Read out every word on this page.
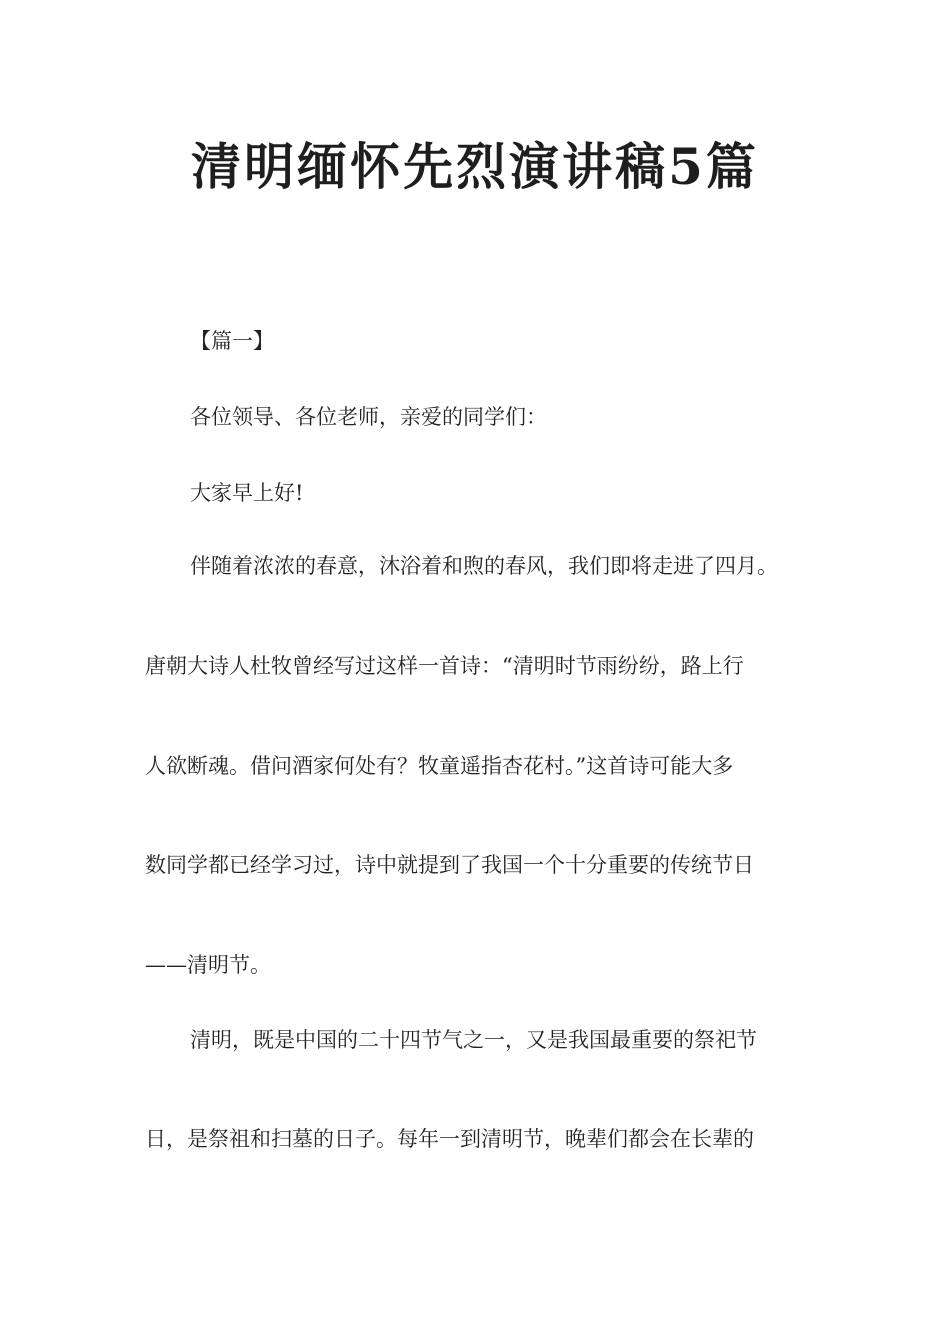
清明缅怀先烈演讲稿5篇
【篇一】
各位领导、各位老师，亲爱的同学们：
大家早上好!
伴随着浓浓的春意，沐浴着和煦的春风，我们即将走进了四月。
唐朝大诗人杜牧曾经写过这样一首诗：“清明时节雨纷纷，路上行
人欲断魂。借问酒家何处有？牧童遥指杏花村。”这首诗可能大多
数同学都已经学习过，诗中就提到了我国一个十分重要的传统节日
——清明节。
清明，既是中国的二十四节气之一，又是我国最重要的祭祀节
日，是祭祖和扫墓的日子。每年一到清明节，晚辈们都会在长辈的
